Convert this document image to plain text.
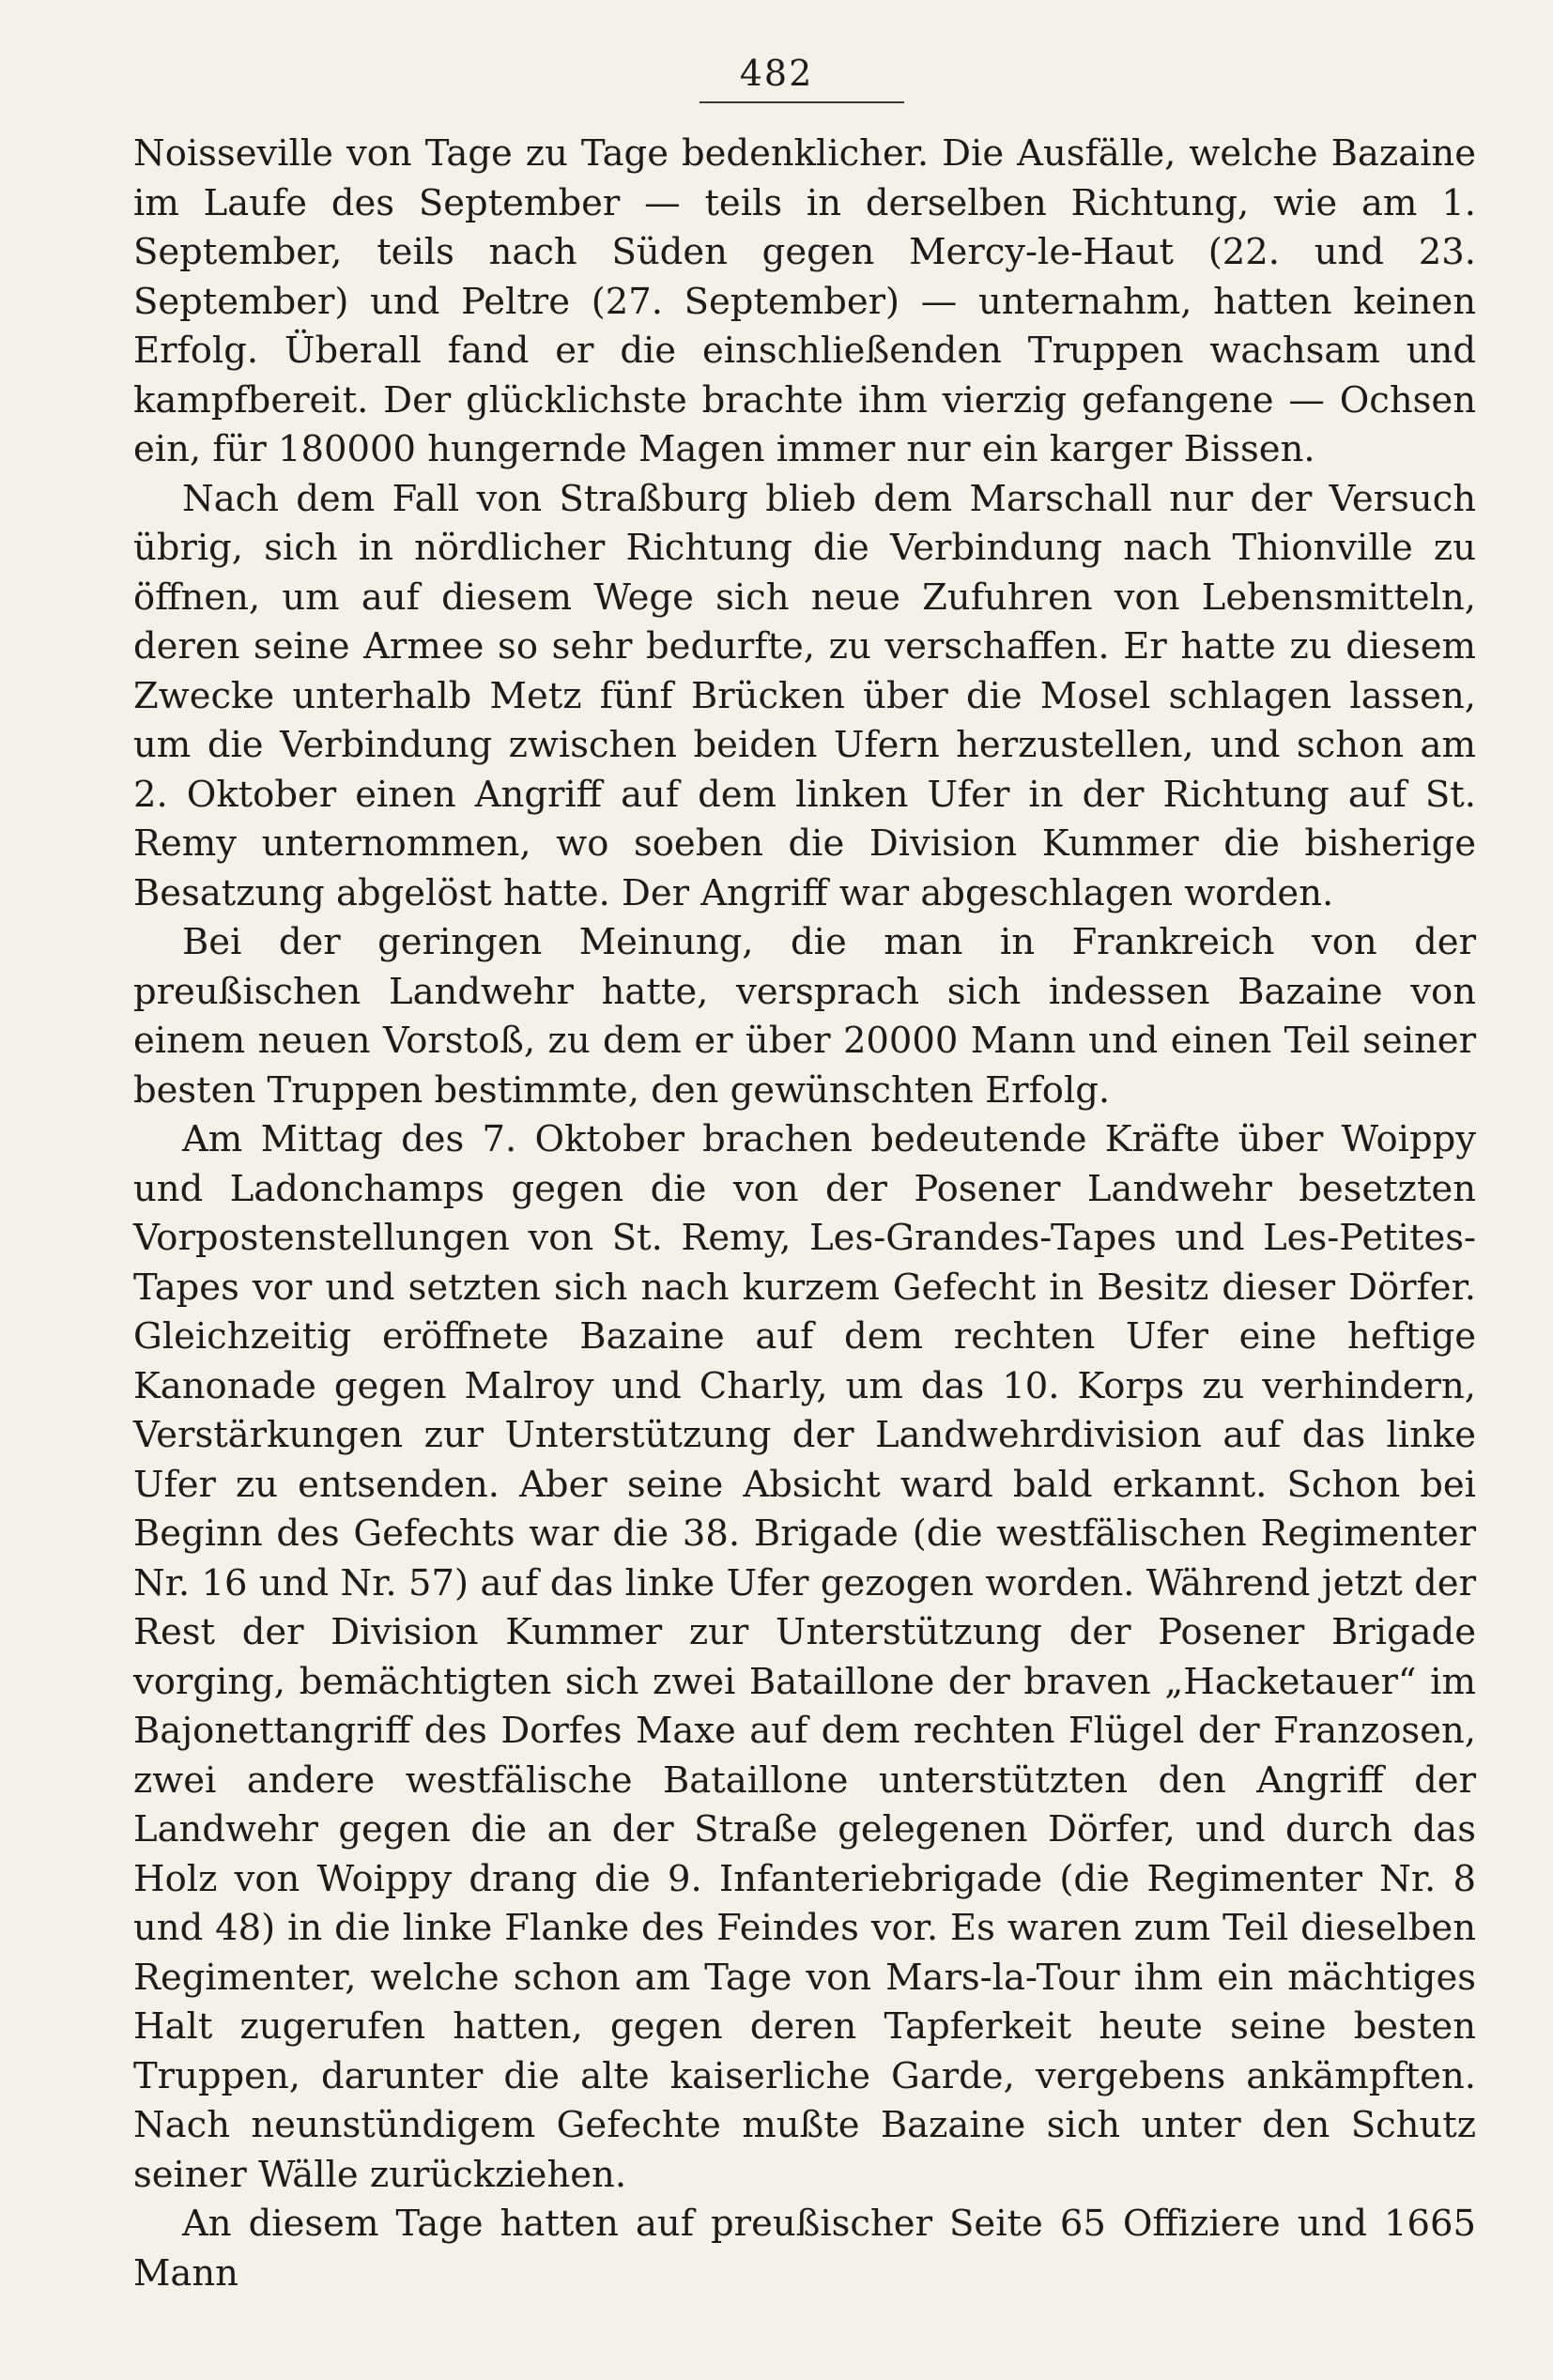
482

Noisseville von Tage zu Tage bedenklicher. Die Ausfälle, welche Bazaine im Laufe des September — teils in derselben Richtung, wie am 1. September, teils nach Süden gegen Mercy-le-Haut (22. und 23. September) und Peltre (27. September) — unternahm, hatten keinen Erfolg. Überall fand er die einschließenden Truppen wachsam und kampfbereit. Der glücklichste brachte ihm vierzig gefangene — Ochsen ein, für 180000 hungernde Magen immer nur ein karger Bissen.

Nach dem Fall von Straßburg blieb dem Marschall nur der Versuch übrig, sich in nördlicher Richtung die Verbindung nach Thionville zu öffnen, um auf diesem Wege sich neue Zufuhren von Lebensmitteln, deren seine Armee so sehr bedurfte, zu verschaffen. Er hatte zu diesem Zwecke unterhalb Metz fünf Brücken über die Mosel schlagen lassen, um die Verbindung zwischen beiden Ufern herzustellen, und schon am 2. Oktober einen Angriff auf dem linken Ufer in der Richtung auf St. Remy unternommen, wo soeben die Division Kummer die bisherige Besatzung abgelöst hatte. Der Angriff war abgeschlagen worden.

Bei der geringen Meinung, die man in Frankreich von der preußischen Landwehr hatte, versprach sich indessen Bazaine von einem neuen Vorstoß, zu dem er über 20000 Mann und einen Teil seiner besten Truppen bestimmte, den gewünschten Erfolg.

Am Mittag des 7. Oktober brachen bedeutende Kräfte über Woippy und Ladonchamps gegen die von der Posener Landwehr besetzten Vorpostenstellungen von St. Remy, Les-Grandes-Tapes und Les-Petites-Tapes vor und setzten sich nach kurzem Gefecht in Besitz dieser Dörfer. Gleichzeitig eröffnete Bazaine auf dem rechten Ufer eine heftige Kanonade gegen Malroy und Charly, um das 10. Korps zu verhindern, Verstärkungen zur Unterstützung der Landwehrdivision auf das linke Ufer zu entsenden. Aber seine Absicht ward bald erkannt. Schon bei Beginn des Gefechts war die 38. Brigade (die westfälischen Regimenter Nr. 16 und Nr. 57) auf das linke Ufer gezogen worden. Während jetzt der Rest der Division Kummer zur Unterstützung der Posener Brigade vorging, bemächtigten sich zwei Bataillone der braven „Hacketauer“ im Bajonettangriff des Dorfes Maxe auf dem rechten Flügel der Franzosen, zwei andere westfälische Bataillone unterstützten den Angriff der Landwehr gegen die an der Straße gelegenen Dörfer, und durch das Holz von Woippy drang die 9. Infanteriebrigade (die Regimenter Nr. 8 und 48) in die linke Flanke des Feindes vor. Es waren zum Teil dieselben Regimenter, welche schon am Tage von Mars-la-Tour ihm ein mächtiges Halt zugerufen hatten, gegen deren Tapferkeit heute seine besten Truppen, darunter die alte kaiserliche Garde, vergebens ankämpften. Nach neunstündigem Gefechte mußte Bazaine sich unter den Schutz seiner Wälle zurückziehen.

An diesem Tage hatten auf preußischer Seite 65 Offiziere und 1665 Mann
